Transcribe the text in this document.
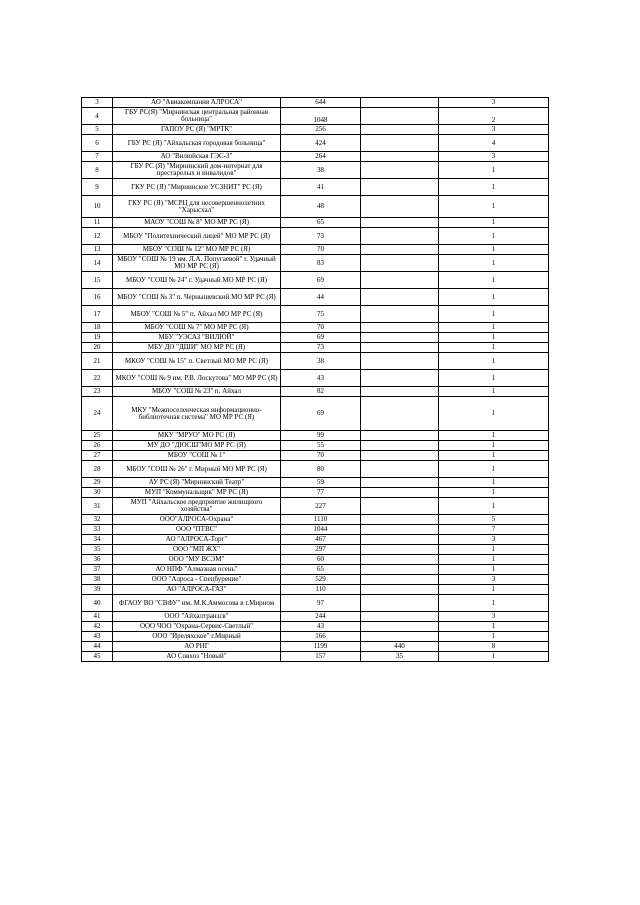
3	АО "Авиакомпания АЛРОСА"	644		3
4	ГБУ РС(Я) "Мирнинская центральная районная больница"	1048		2
5	ГАПОУ РС (Я) "МРТК"	256		3
6	ГБУ РС (Я) "Айхальская городовая больница"	424		4
7	АО "Вилюйская ГЭС-3"	264		3
8	ГБУ РС (Я) "Мирнинский дом-интернат для престарелых и инвалидов"	38		1
9	ГКУ РС (Я) "Мирнинское УСЗНИТ" РС (Я)	41		1
10	ГКУ РС (Я) "МСРЦ для несовершеннолетних "Харысхал"	48		1
11	МАОУ "СОШ № 8" МО МР РС (Я)	65		1
12	МБОУ "Политехнический лицей" МО МР РС (Я)	73		1
13	МБОУ "СОШ № 12" МО МР РС (Я)	70		1
14	МБОУ "СОШ № 19 им. Л.А. Попугаевой" г. Удачный МО МР РС (Я)	83		1
15	МБОУ "СОШ № 24" г. Удачный МО МР РС (Я)	69		1
16	МБОУ "СОШ № 3" п. Чернышевский МО МР РС (Я)	44		1
17	МБОУ "СОШ № 5" п. Айхал МО МР РС (Я)	75		1
18	МБОУ "СОШ № 7" МО МР РС (Я)	70		1
19	МБУ "УЭСАЗ "ВИЛЮЙ"	69		1
20	МБУ ДО "ДШИ" МО МР РС (Я)	73		1
21	МКОУ "СОШ № 15" п. Светлый МО МР РС (Я)	38		1
22	МКОУ "СОШ № 9 им. Р.В. Лоскутова" МО МР РС (Я)	43		1
23	МБОУ "СОШ № 23" п. Айхал	82		1
24	МКУ "Межпоселенческая информационно-библиотечная система" МО МР РС (Я)	69		1
25	МКУ "МРУО" МО РС (Я)	99		1
26	МУ ДО "ДЮСШ"МО МР РС (Я)	55		1
27	МБОУ "СОШ № 1"	70		1
28	МБОУ "СОШ № 26" г. Мирный МО МР РС (Я)	80		1
29	АУ РС (Я) "Мирнинский Театр"	59		1
30	МУП "Коммунальщик" МР РС (Я)	77		1
31	МУП "Айхальское предприятие жилищного хозяйства"	227		1
32	ООО"АЛРОСА-Охрана"	1110		5
33	ООО "ПТВС"	1044		7
34	АО "АЛРОСА-Торг"	467		3
35	ООО "МП ЖХ"	297		1
36	ООО "МУ ВСЭМ"	60		1
37	АО НПФ "Алмазная осень"	65		1
38	ООО "Алроса - Спецбурение"	529		3
39	АО "АЛРОСА-ГАЗ"	110		1
40	ФГАОУ ВО "СВФУ" им. М.К.Аммосова в г.Мирном	97		1
41	ООО "Айхалтранзсв"	244		3
42	ООО ЧОО "Охрана-Сервис-Светлый"	43		1
43	ООО "Иреляхское" г.Мирный	166		1
44	АО РНГ	1199	440	8
45	АО Совхоз "Новый"	157	35	1
